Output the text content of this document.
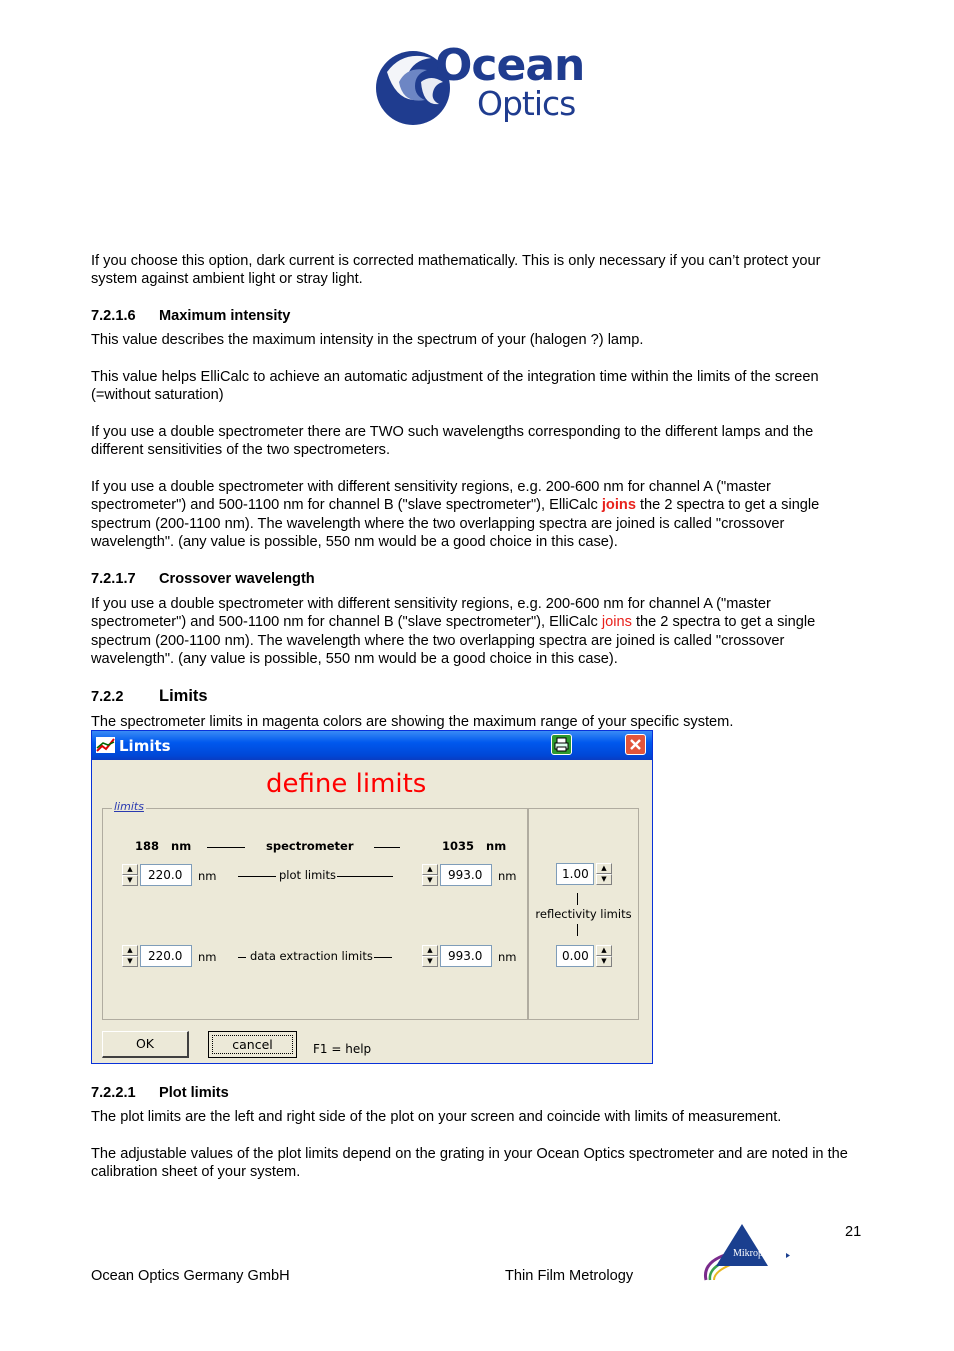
Ocean
Optics
If you choose this option, dark current is corrected mathematically. This is only necessary if you can’t protect your system against ambient light or stray light.
7.2.1.6 Maximum intensity
This value describes the maximum intensity in the spectrum of your (halogen ?) lamp.
This value helps ElliCalc to achieve an automatic adjustment of the integration time within the limits of the screen (=without saturation)
If you use a double spectrometer there are TWO such wavelengths corresponding to the different lamps and the different sensitivities of the two spectrometers.
If you use a double spectrometer with different sensitivity regions, e.g. 200-600 nm for channel A ("master spectrometer") and 500-1100 nm for channel B ("slave spectrometer"), ElliCalc joins the 2 spectra to get a single spectrum (200-1100 nm). The wavelength where the two overlapping spectra are joined is called "crossover wavelength". (any value is possible, 550 nm would be a good choice in this case).
7.2.1.7 Crossover wavelength
If you use a double spectrometer with different sensitivity regions, e.g. 200-600 nm for channel A ("master spectrometer") and 500-1100 nm for channel B ("slave spectrometer"), ElliCalc joins the 2 spectra to get a single spectrum (200-1100 nm). The wavelength where the two overlapping spectra are joined is called "crossover wavelength". (any value is possible, 550 nm would be a good choice in this case).
7.2.2 Limits
The spectrometer limits in magenta colors are showing the maximum range of your specific system.
Limits
define limits
limits
188   nm	spectrometer	1035   nm
▲
▼	220.0	nm	plot limits	▲
▼	993.0	nm	1.00	▲
▼
reflectivity limits
▲
▼	220.0	nm	data extraction limits	▲
▼	993.0	nm	0.00	▲
▼
OK	cancel	F1 = help
7.2.2.1 Plot limits
The plot limits are the left and right side of the plot on your screen and coincide with limits of measurement.
The adjustable values of the plot limits depend on the grating in your Ocean Optics spectrometer and are noted in the calibration sheet of your system.
21
Ocean Optics Germany GmbH	Thin Film Metrology
Mikropack
